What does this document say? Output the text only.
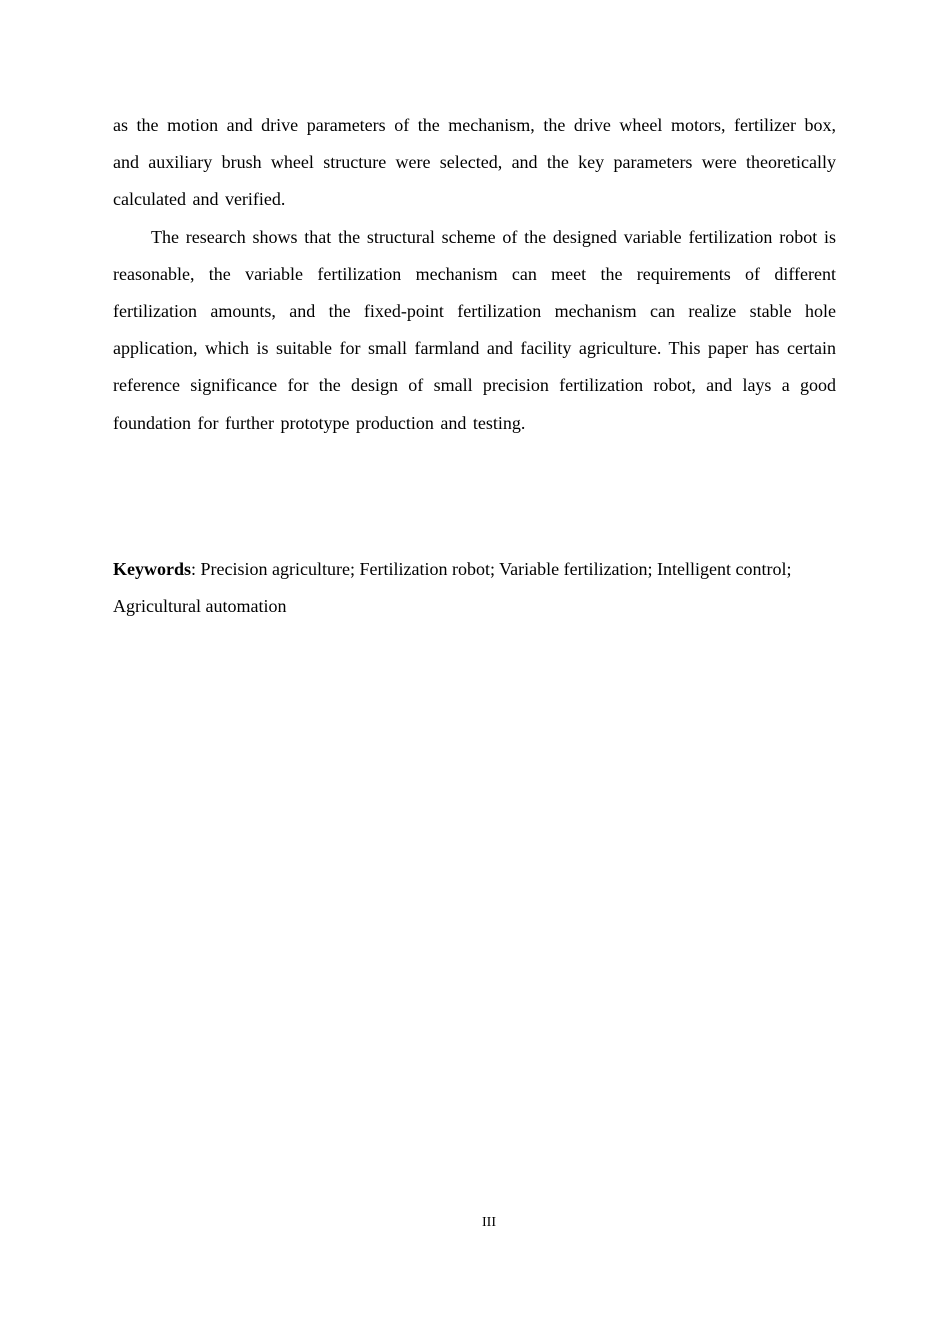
as the motion and drive parameters of the mechanism, the drive wheel motors, fertilizer box, and auxiliary brush wheel structure were selected, and the key parameters were theoretically calculated and verified.

The research shows that the structural scheme of the designed variable fertilization robot is reasonable, the variable fertilization mechanism can meet the requirements of different fertilization amounts, and the fixed-point fertilization mechanism can realize stable hole application, which is suitable for small farmland and facility agriculture. This paper has certain reference significance for the design of small precision fertilization robot, and lays a good foundation for further prototype production and testing.

Keywords: Precision agriculture; Fertilization robot; Variable fertilization; Intelligent control; Agricultural automation

III
